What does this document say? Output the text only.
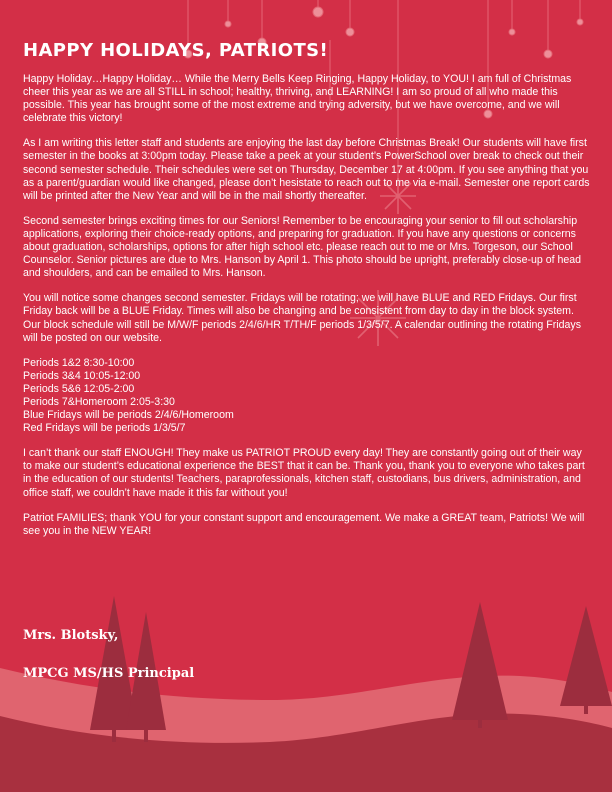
HAPPY HOLIDAYS, PATRIOTS!

Happy Holiday…Happy Holiday… While the Merry Bells Keep Ringing, Happy Holiday, to YOU! I am full of Christmas cheer this year as we are all STILL in school; healthy, thriving, and LEARNING! I am so proud of all who made this possible. This year has brought some of the most extreme and trying adversity, but we have overcome, and we will celebrate this victory!

As I am writing this letter staff and students are enjoying the last day before Christmas Break! Our students will have first semester in the books at 3:00pm today. Please take a peek at your student’s PowerSchool over break to check out their second semester schedule. Their schedules were set on Thursday, December 17 at 4:00pm. If you see anything that you as a parent/guardian would like changed, please don’t hesistate to reach out to me via e-mail. Semester one report cards will be printed after the New Year and will be in the mail shortly thereafter.

Second semester brings exciting times for our Seniors! Remember to be encouraging your senior to fill out scholarship applications, exploring their choice-ready options, and preparing for graduation. If you have any questions or concerns about graduation, scholarships, options for after high school etc. please reach out to me or Mrs. Torgeson, our School Counselor. Senior pictures are due to Mrs. Hanson by April 1. This photo should be upright, preferably close-up of head and shoulders, and can be emailed to Mrs. Hanson.

You will notice some changes second semester. Fridays will be rotating; we will have BLUE and RED Fridays. Our first Friday back will be a BLUE Friday. Times will also be changing and be consistent from day to day in the block system. Our block schedule will still be M/W/F periods 2/4/6/HR T/TH/F periods 1/3/5/7. A calendar outlining the rotating Fridays will be posted on our website.

Periods 1&2 8:30-10:00
Periods 3&4 10:05-12:00
Periods 5&6 12:05-2:00
Periods 7&Homeroom 2:05-3:30
Blue Fridays will be periods 2/4/6/Homeroom
Red Fridays will be periods 1/3/5/7

I can’t thank our staff ENOUGH! They make us PATRIOT PROUD every day! They are constantly going out of their way to make our student’s educational experience the BEST that it can be. Thank you, thank you to everyone who takes part in the education of our students! Teachers, paraprofessionals, kitchen staff, custodians, bus drivers, administration, and office staff, we couldn’t have made it this far without you!

Patriot FAMILIES; thank YOU for your constant support and encouragement. We make a GREAT team, Patriots! We will see you in the NEW YEAR!

Mrs. Blotsky,
MPCG MS/HS Principal
